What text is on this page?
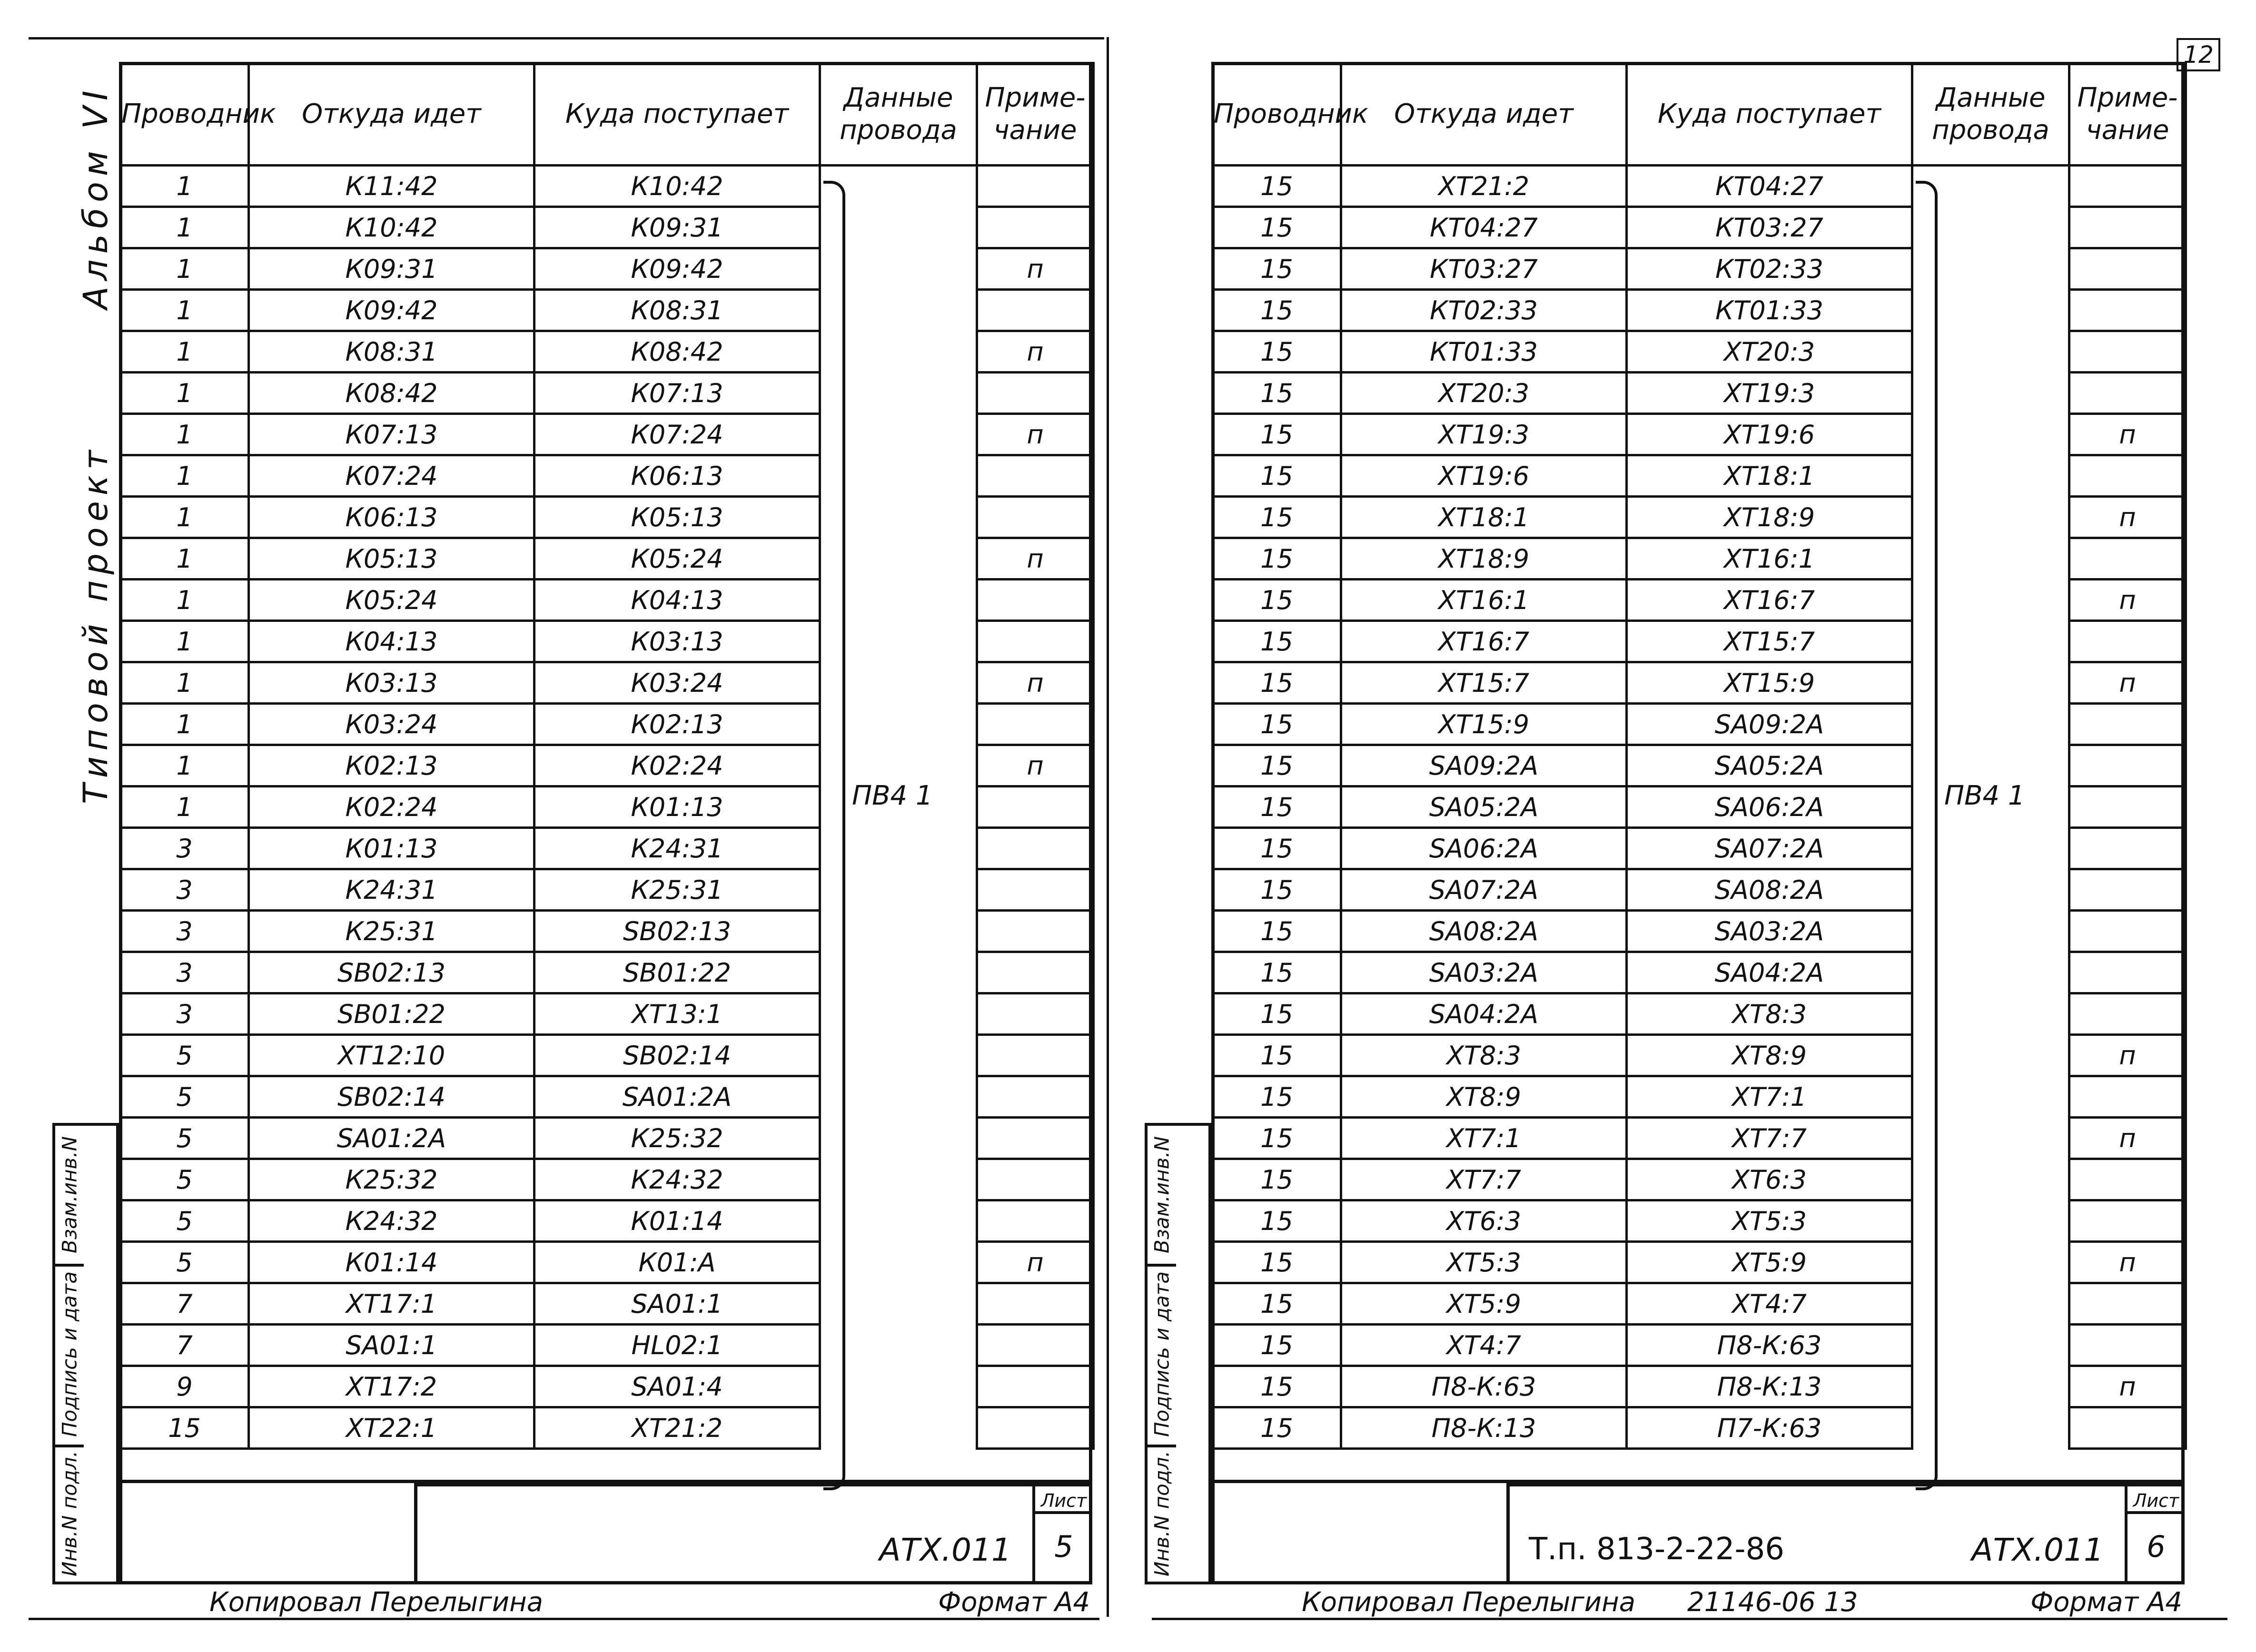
Проводник	Откуда идет	Куда поступает	Данные
провода	Приме-
чание
1	К11:42	К10:42		
1	К10:42	К09:31		
1	К09:31	К09:42		п
1	К09:42	К08:31		
1	К08:31	К08:42		п
1	К08:42	К07:13		
1	К07:13	К07:24		п
1	К07:24	К06:13		
1	К06:13	К05:13		
1	К05:13	К05:24		п
1	К05:24	К04:13		
1	К04:13	К03:13		
1	К03:13	К03:24		п
1	К03:24	К02:13		
1	К02:13	К02:24		п
1	К02:24	К01:13		
3	К01:13	К24:31		
3	К24:31	К25:31		
3	К25:31	SB02:13		
3	SB02:13	SB01:22		
3	SB01:22	XT13:1		
5	XT12:10	SB02:14		
5	SB02:14	SA01:2A		
5	SA01:2A	К25:32		
5	К25:32	К24:32		
5	К24:32	К01:14		
5	К01:14	К01:A		п
7	XT17:1	SA01:1		
7	SA01:1	HL02:1		
9	XT17:2	SA01:4		
15	XT22:1	XT21:2		
ПВ4 1
АТХ.011
Лист
5
Взам.инв.N
Подпись и дата
Инв.N подл.
Альбом VI
Типовой проект
Копировал Перелыгина	Формат А4
12
Проводник	Откуда идет	Куда поступает	Данные
провода	Приме-
чание
15	XT21:2	КТ04:27		
15	КТ04:27	КТ03:27		
15	КТ03:27	КТ02:33		
15	КТ02:33	КТ01:33		
15	КТ01:33	XT20:3		
15	XT20:3	XT19:3		
15	XT19:3	XT19:6		п
15	XT19:6	XT18:1		
15	XT18:1	XT18:9		п
15	XT18:9	XT16:1		
15	XT16:1	XT16:7		п
15	XT16:7	XT15:7		
15	XT15:7	XT15:9		п
15	XT15:9	SA09:2A		
15	SA09:2A	SA05:2A		
15	SA05:2A	SA06:2A		
15	SA06:2A	SA07:2A		
15	SA07:2A	SA08:2A		
15	SA08:2A	SA03:2A		
15	SA03:2A	SA04:2A		
15	SA04:2A	XT8:3		
15	XT8:3	XT8:9		п
15	XT8:9	XT7:1		
15	XT7:1	XT7:7		п
15	XT7:7	XT6:3		
15	XT6:3	XT5:3		
15	XT5:3	XT5:9		п
15	XT5:9	XT4:7		
15	XT4:7	П8-К:63		
15	П8-К:63	П8-К:13		п
15	П8-К:13	П7-К:63		
ПВ4 1
Т.п. 813-2-22-86	АТХ.011
Лист
6
Взам.инв.N
Подпись и дата
Инв.N подл.
Копировал Перелыгина 21146-06 13	Формат А4
